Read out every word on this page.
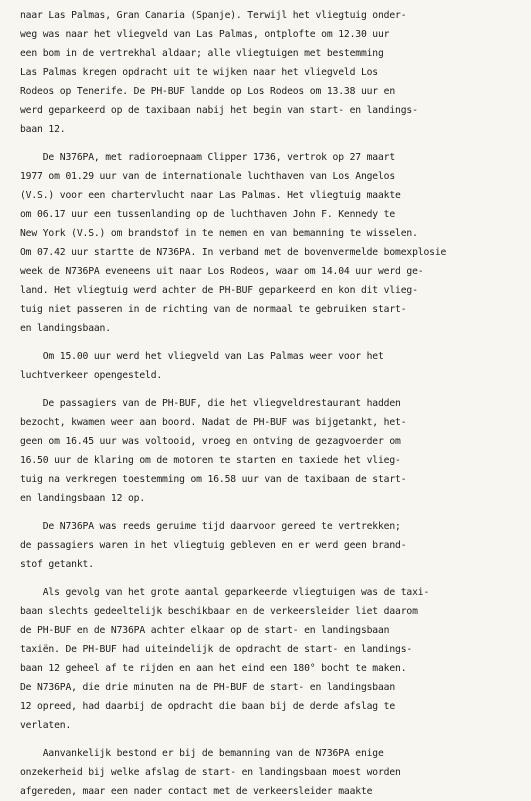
naar Las Palmas, Gran Canaria (Spanje). Terwijl het vliegtuig onder-
weg was naar het vliegveld van Las Palmas, ontplofte om 12.30 uur
een bom in de vertrekhal aldaar; alle vliegtuigen met bestemming
Las Palmas kregen opdracht uit te wijken naar het vliegveld Los
Rodeos op Tenerife. De PH-BUF landde op Los Rodeos om 13.38 uur en
werd geparkeerd op de taxibaan nabij het begin van start- en landings-
baan 12.
De N376PA, met radioroepnaam Clipper 1736, vertrok op 27 maart
1977 om 01.29 uur van de internationale luchthaven van Los Angelos
(V.S.) voor een chartervlucht naar Las Palmas. Het vliegtuig maakte
om 06.17 uur een tussenlanding op de luchthaven John F. Kennedy te
New York (V.S.) om brandstof in te nemen en van bemanning te wisselen.
Om 07.42 uur startte de N736PA. In verband met de bovenvermelde bomexplosie
week de N736PA eveneens uit naar Los Rodeos, waar om 14.04 uur werd ge-
land. Het vliegtuig werd achter de PH-BUF geparkeerd en kon dit vlieg-
tuig niet passeren in de richting van de normaal te gebruiken start-
en landingsbaan.
Om 15.00 uur werd het vliegveld van Las Palmas weer voor het
luchtverkeer opengesteld.
De passagiers van de PH-BUF, die het vliegveldrestaurant hadden
bezocht, kwamen weer aan boord. Nadat de PH-BUF was bijgetankt, het-
geen om 16.45 uur was voltooid, vroeg en ontving de gezagvoerder om
16.50 uur de klaring om de motoren te starten en taxiede het vlieg-
tuig na verkregen toestemming om 16.58 uur van de taxibaan de start-
en landingsbaan 12 op.
De N736PA was reeds geruime tijd daarvoor gereed te vertrekken;
de passagiers waren in het vliegtuig gebleven en er werd geen brand-
stof getankt.
Als gevolg van het grote aantal geparkeerde vliegtuigen was de taxi-
baan slechts gedeeltelijk beschikbaar en de verkeersleider liet daarom
de PH-BUF en de N736PA achter elkaar op de start- en landingsbaan
taxiën. De PH-BUF had uiteindelijk de opdracht de start- en landings-
baan 12 geheel af te rijden en aan het eind een 180° bocht te maken.
De N736PA, die drie minuten na de PH-BUF de start- en landingsbaan
12 opreed, had daarbij de opdracht die baan bij de derde afslag te
verlaten.
Aanvankelijk bestond er bij de bemanning van de N736PA enige
onzekerheid bij welke afslag de start- en landingsbaan moest worden
afgereden, maar een nader contact met de verkeersleider maakte
